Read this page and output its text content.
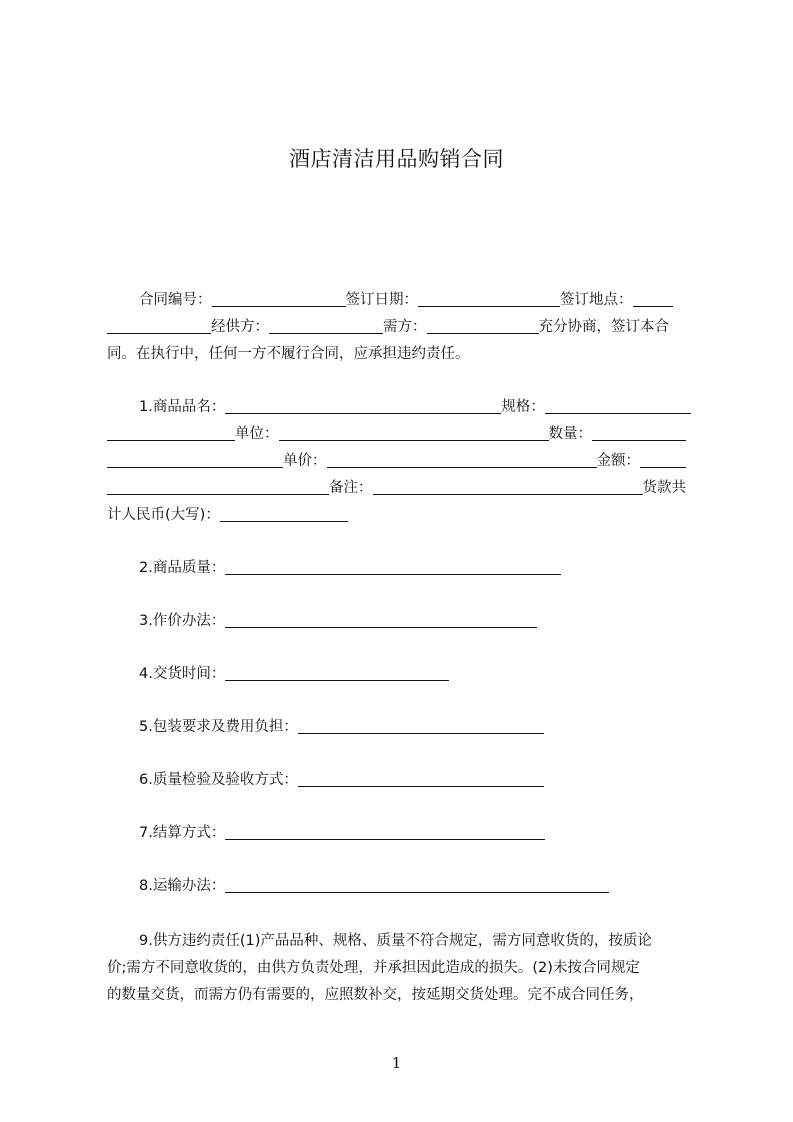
酒店清洁用品购销合同
合同编号：	签订日期：	签订地点：
经供方：	需方：	充分协商，签订本合
同。在执行中，任何一方不履行合同，应承担违约责任。
1.商品品名：	规格：
单位：	数量：
单价：	金额：
备注：	货款共
计人民币(大写)：
2.商品质量：
3.作价办法：
4.交货时间：
5.包装要求及费用负担：
6.质量检验及验收方式：
7.结算方式：
8.运输办法：
9.供方违约责任(1)产品品种、规格、质量不符合规定，需方同意收货的，按质论
价;需方不同意收货的，由供方负责处理，并承担因此造成的损失。(2)未按合同规定
的数量交货，而需方仍有需要的，应照数补交，按延期交货处理。完不成合同任务，
1
